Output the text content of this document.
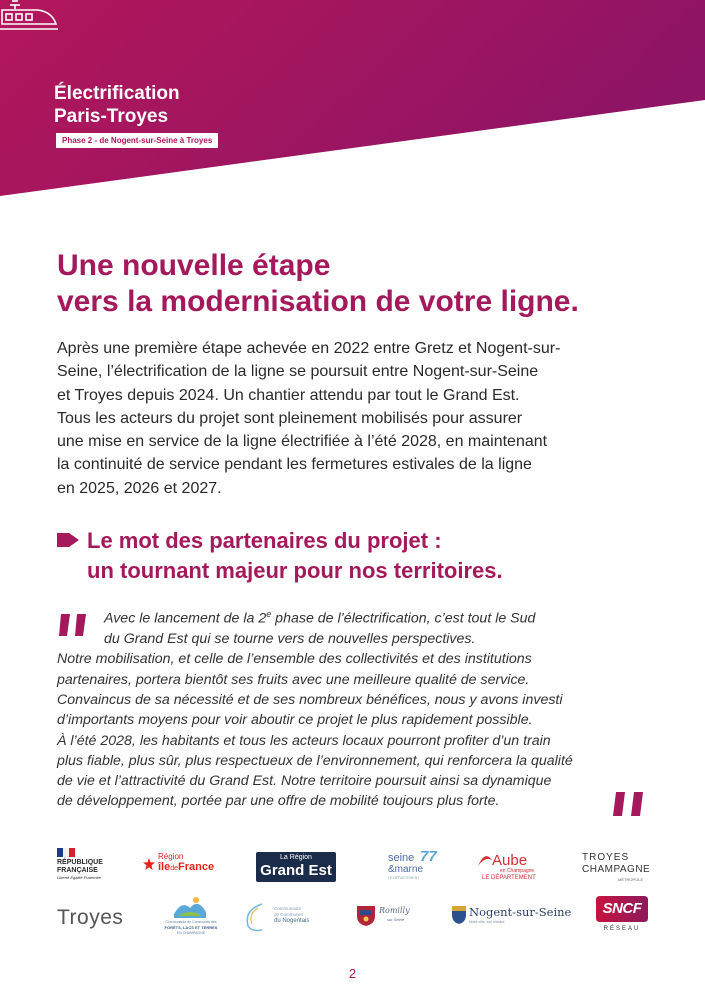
Électrification
Paris-Troyes
Phase 2 - de Nogent-sur-Seine à Troyes
Une nouvelle étape
vers la modernisation de votre ligne.
Après une première étape achevée en 2022 entre Gretz et Nogent-sur-
Seine, l’électrification de la ligne se poursuit entre Nogent-sur-Seine
et Troyes depuis 2024. Un chantier attendu par tout le Grand Est.
Tous les acteurs du projet sont pleinement mobilisés pour assurer
une mise en service de la ligne électrifiée à l’été 2028, en maintenant
la continuité de service pendant les fermetures estivales de la ligne
en 2025, 2026 et 2027.
Le mot des partenaires du projet :
un tournant majeur pour nos territoires.
Avec le lancement de la 2e phase de l’électrification, c’est tout le Sud
du Grand Est qui se tourne vers de nouvelles perspectives.
Notre mobilisation, et celle de l’ensemble des collectivités et des institutions
partenaires, portera bientôt ses fruits avec une meilleure qualité de service.
Convaincus de sa nécessité et de ses nombreux bénéfices, nous y avons investi
d’importants moyens pour voir aboutir ce projet le plus rapidement possible.
À l’été 2028, les habitants et tous les acteurs locaux pourront profiter d’un train
plus fiable, plus sûr, plus respectueux de l’environnement, qui renforcera la qualité
de vie et l’attractivité du Grand Est. Notre territoire poursuit ainsi sa dynamique
de développement, portée par une offre de mobilité toujours plus forte.
RÉPUBLIQUE
FRANÇAISE
Liberté Égalité Fraternité
Région
îledeFrance
La Région
Grand Est
seine 77
&marne
LE DÉPARTEMENT
Aube
en Champagne
LE DÉPARTEMENT
TROYES
CHAMPAGNE
MÉTROPOLE
Troyes	Communauté de Communes des
FORÊTS, LACS ET TERRES
EN CHAMPAGNE
Communauté
de Communes
du Nogentais
Romilly
sur-Seine
Nogent-sur-Seine
Notre ville, son histoire
SNCF
RÉSEAU
2
